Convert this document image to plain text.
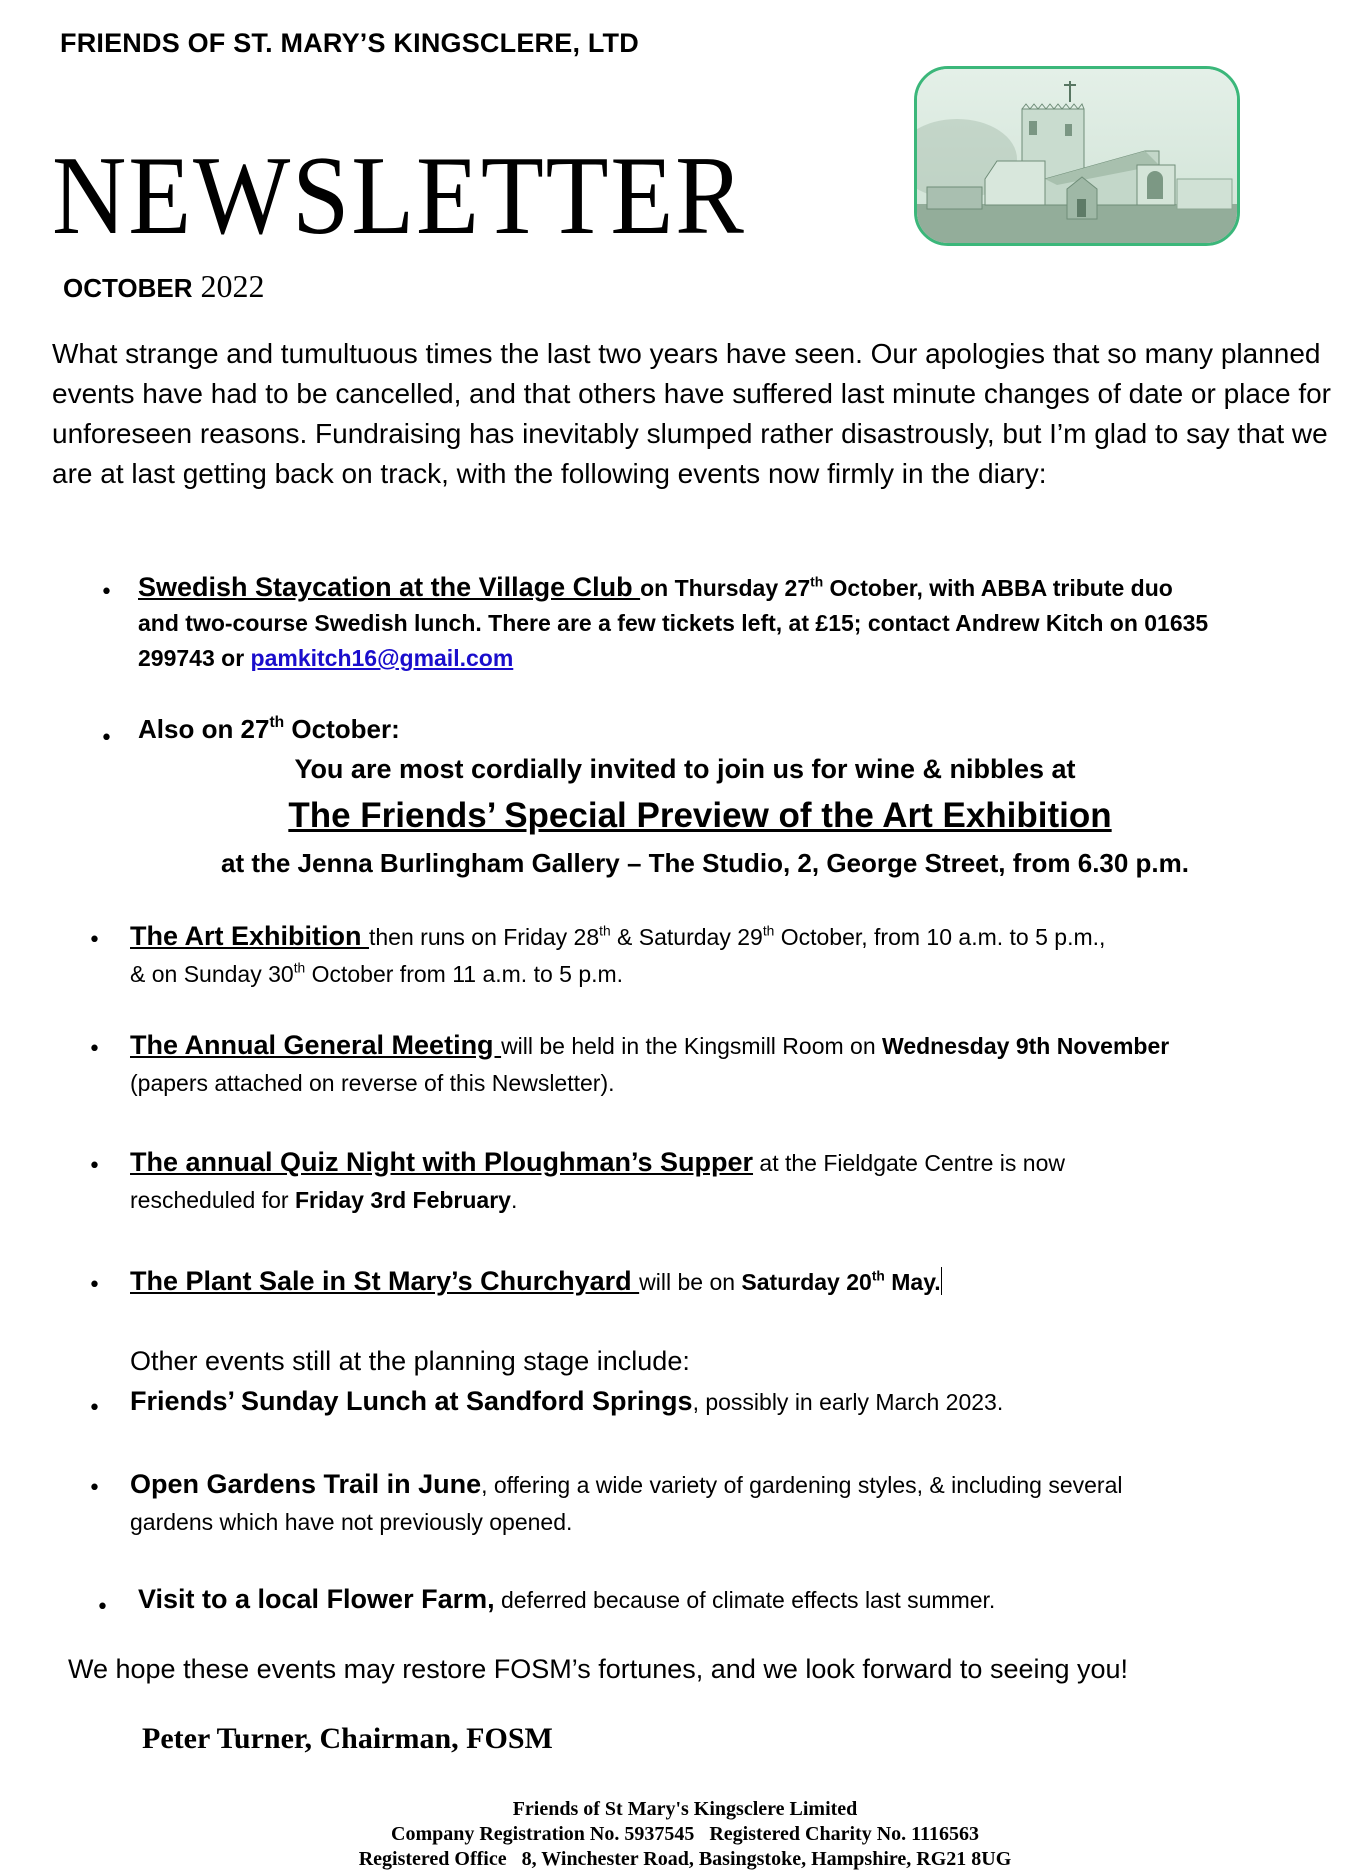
FRIENDS OF ST. MARY’S KINGSCLERE, LTD
NEWSLETTER
OCTOBER 2022
What strange and tumultuous times the last two years have seen. Our apologies that so many planned events have had to be cancelled, and that others have suffered last minute changes of date or place for unforeseen reasons. Fundraising has inevitably slumped rather disastrously, but I’m glad to say that we are at last getting back on track, with the following events now firmly in the diary:
• Swedish Staycation at the Village Club on Thursday 27th October, with ABBA tribute duo
and two-course Swedish lunch. There are a few tickets left, at £15; contact Andrew Kitch on 01635
299743 or pamkitch16@gmail.com
• Also on 27th October:
You are most cordially invited to join us for wine & nibbles at
The Friends’ Special Preview of the Art Exhibition
at the Jenna Burlingham Gallery – The Studio, 2, George Street, from 6.30 p.m.
• The Art Exhibition then runs on Friday 28th & Saturday 29th October, from 10 a.m. to 5 p.m.,
& on Sunday 30th October from 11 a.m. to 5 p.m.
• The Annual General Meeting will be held in the Kingsmill Room on Wednesday 9th November
(papers attached on reverse of this Newsletter).
• The annual Quiz Night with Ploughman’s Supper at the Fieldgate Centre is now
rescheduled for Friday 3rd February.
• The Plant Sale in St Mary’s Churchyard will be on Saturday 20th May.
Other events still at the planning stage include:
• Friends’ Sunday Lunch at Sandford Springs, possibly in early March 2023.
• Open Gardens Trail in June, offering a wide variety of gardening styles, & including several
gardens which have not previously opened.
• Visit to a local Flower Farm, deferred because of climate effects last summer.
We hope these events may restore FOSM’s fortunes, and we look forward to seeing you!
Peter Turner, Chairman, FOSM
Friends of St Mary's Kingsclere Limited
Company Registration No. 5937545   Registered Charity No. 1116563
Registered Office   8, Winchester Road, Basingstoke, Hampshire, RG21 8UG
